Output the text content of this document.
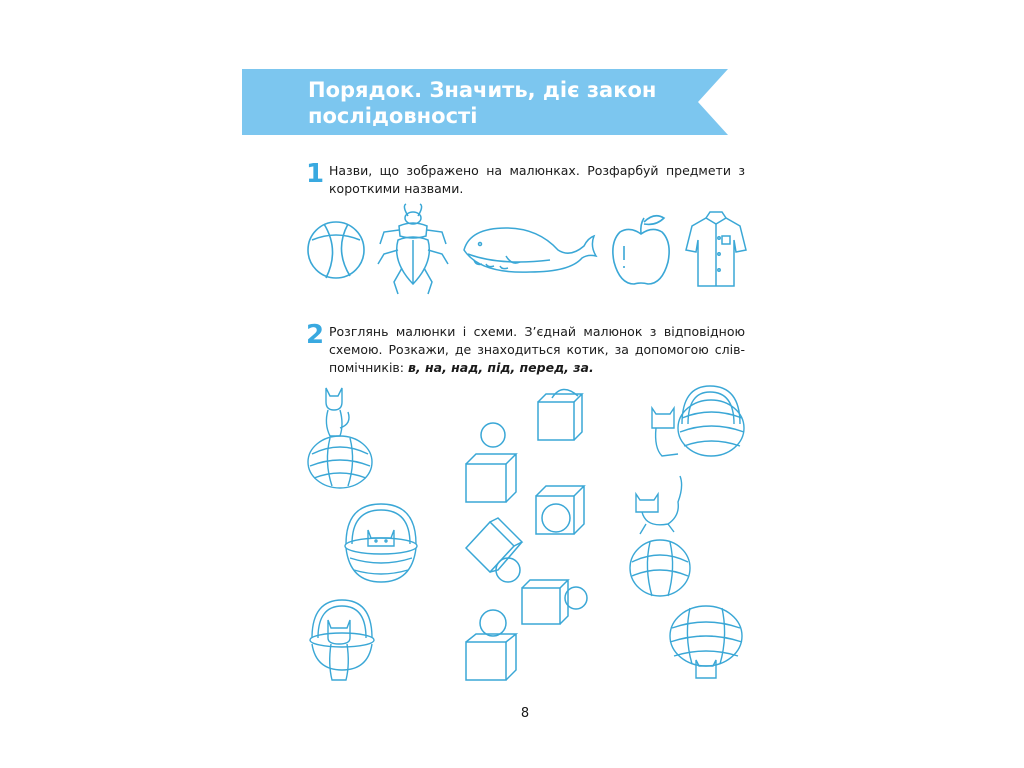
Порядок. Значить, діє закон послідовності
1 Назви, що зображено на малюнках. Розфарбуй предмети з короткими назвами.

2 Розглянь малюнки і схеми. З’єднай малюнок з відповідною схемою. Розкажи, де знаходиться котик, за допомогою слів-помічників: в, на, над, під, перед, за.

8
